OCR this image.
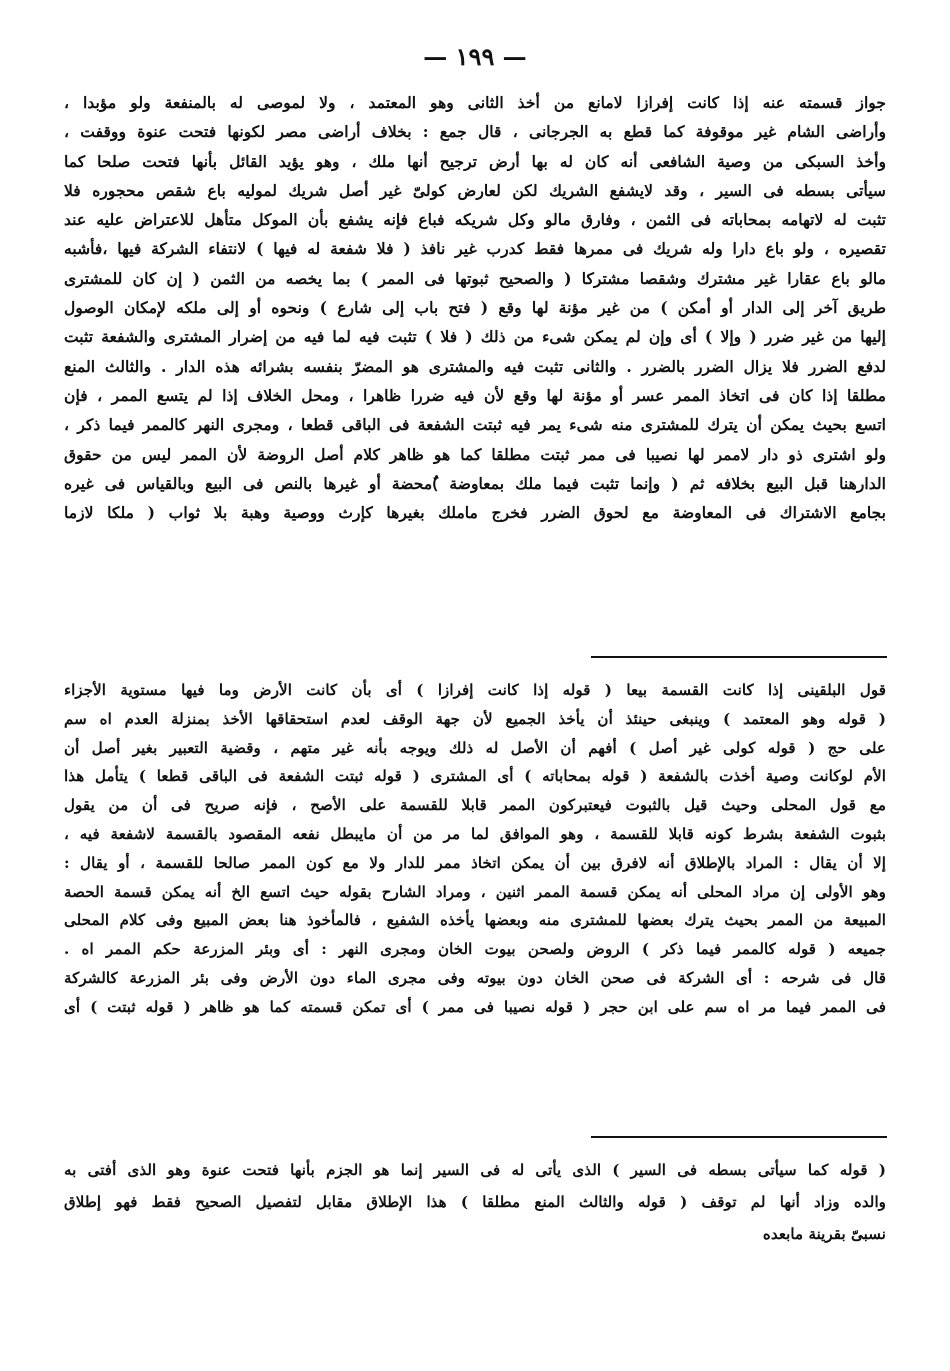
— ١٩٩ —
جواز قسمته عنه إذا كانت إفرازا لامانع من أخذ الثانى وهو المعتمد ، ولا لموصى له بالمنفعة ولو مؤبدا ،
وأراضى الشام غير موقوفة كما قطع به الجرجانى ، قال جمع : بخلاف أراضى مصر لكونها فتحت عنوة ووقفت ،
وأخذ السبكى من وصية الشافعى أنه كان له بها أرض ترجيح أنها ملك ، وهو يؤيد القائل بأنها فتحت صلحا كما
سيأتى بسطه فى السير ، وقد لايشفع الشريك لكن لعارض كولىّ غير أصل شريك لموليه باع شقص محجوره فلا
تثبت له لاتهامه بمحاباته فى الثمن ، وفارق مالو وكل شريكه فباع فإنه يشفع بأن الموكل متأهل للاعتراض عليه عند
تقصيره ، ولو باع دارا وله شريك فى ممرها فقط كدرب غير نافذ ( فلا شفعة له فيها ) لانتفاء الشركة فيها ،فأشبه
مالو باع عقارا غير مشترك وشقصا مشتركا ( والصحيح ثبوتها فى الممر ) بما يخصه من الثمن ( إن كان للمشترى
طريق آخر إلى الدار أو أمكن ) من غير مؤنة لها وقع ( فتح باب إلى شارع ) ونحوه أو إلى ملكه لإمكان الوصول
إليها من غير ضرر ( وإلا ) أى وإن لم يمكن شىء من ذلك ( فلا ) تثبت فيه لما فيه من إضرار المشترى والشفعة تثبت
لدفع الضرر فلا يزال الضرر بالضرر . والثانى تثبت فيه والمشترى هو المضرّ بنفسه بشرائه هذه الدار . والثالث المنع
مطلقا إذا كان فى اتخاذ الممر عسر أو مؤنة لها وقع لأن فيه ضررا ظاهرا ، ومحل الخلاف إذا لم يتسع الممر ، فإن
اتسع بحيث يمكن أن يترك للمشترى منه شىء يمر فيه ثبتت الشفعة فى الباقى قطعا ، ومجرى النهر كالممر فيما ذكر ،
ولو اشترى ذو دار لاممر لها نصيبا فى ممر ثبتت مطلقا كما هو ظاهر كلام أصل الروضة لأن الممر ليس من حقوق
الدارهنا قبل البيع بخلافه ثم ( وإنما تثبت فيما ملك بمعاوضة )ٌمحضة أو غيرها بالنص فى البيع وبالقياس فى غيره
بجامع الاشتراك فى المعاوضة مع لحوق الضرر فخرج ماملك بغيرها كإرث ووصية وهبة بلا ثواب ( ملكا لازما
قول البلقينى إذا كانت القسمة بيعا ( قوله إذا كانت إفرازا ) أى بأن كانت الأرض وما فيها مستوية الأجزاء
( قوله وهو المعتمد ) وينبغى حينئذ أن يأخذ الجميع لأن جهة الوقف لعدم استحقاقها الأخذ بمنزلة العدم اه سم
على حج ( قوله كولى غير أصل ) أفهم أن الأصل له ذلك ويوجه بأنه غير متهم ، وقضية التعبير بغير أصل أن
الأم لوكانت وصية أخذت بالشفعة ( قوله بمحاباته ) أى المشترى ( قوله ثبتت الشفعة فى الباقى قطعا ) يتأمل هذا
مع قول المحلى وحيث قيل بالثبوت فيعتبركون الممر قابلا للقسمة على الأصح ، فإنه صريح فى أن من يقول
بثبوت الشفعة بشرط كونه قابلا للقسمة ، وهو الموافق لما مر من أن مايبطل نفعه المقصود بالقسمة لاشفعة فيه ،
إلا أن يقال : المراد بالإطلاق أنه لافرق بين أن يمكن اتخاذ ممر للدار ولا مع كون الممر صالحا للقسمة ، أو يقال :
وهو الأولى إن مراد المحلى أنه يمكن قسمة الممر اثنين ، ومراد الشارح بقوله حيث اتسع الخ أنه يمكن قسمة الحصة
المبيعة من الممر بحيث يترك بعضها للمشترى منه وبعضها يأخذه الشفيع ، فالمأخوذ هنا بعض المبيع وفى كلام المحلى
جميعه ( قوله كالممر فيما ذكر ) الروض ولصحن بيوت الخان ومجرى النهر : أى وبئر المزرعة حكم الممر اه .
قال فى شرحه : أى الشركة فى صحن الخان دون بيوته وفى مجرى الماء دون الأرض وفى بئر المزرعة كالشركة
فى الممر فيما مر اه سم على ابن حجر ( قوله نصيبا فى ممر ) أى تمكن قسمته كما هو ظاهر ( قوله ثبتت ) أى
( قوله كما سيأتى بسطه فى السير ) الذى يأتى له فى السير إنما هو الجزم بأنها فتحت عنوة وهو الذى أفتى به
والده وزاد أنها لم توقف ( قوله والثالث المنع مطلقا ) هذا الإطلاق مقابل لتفصيل الصحيح فقط فهو إطلاق
نسبىّ بقرينة مابعده
